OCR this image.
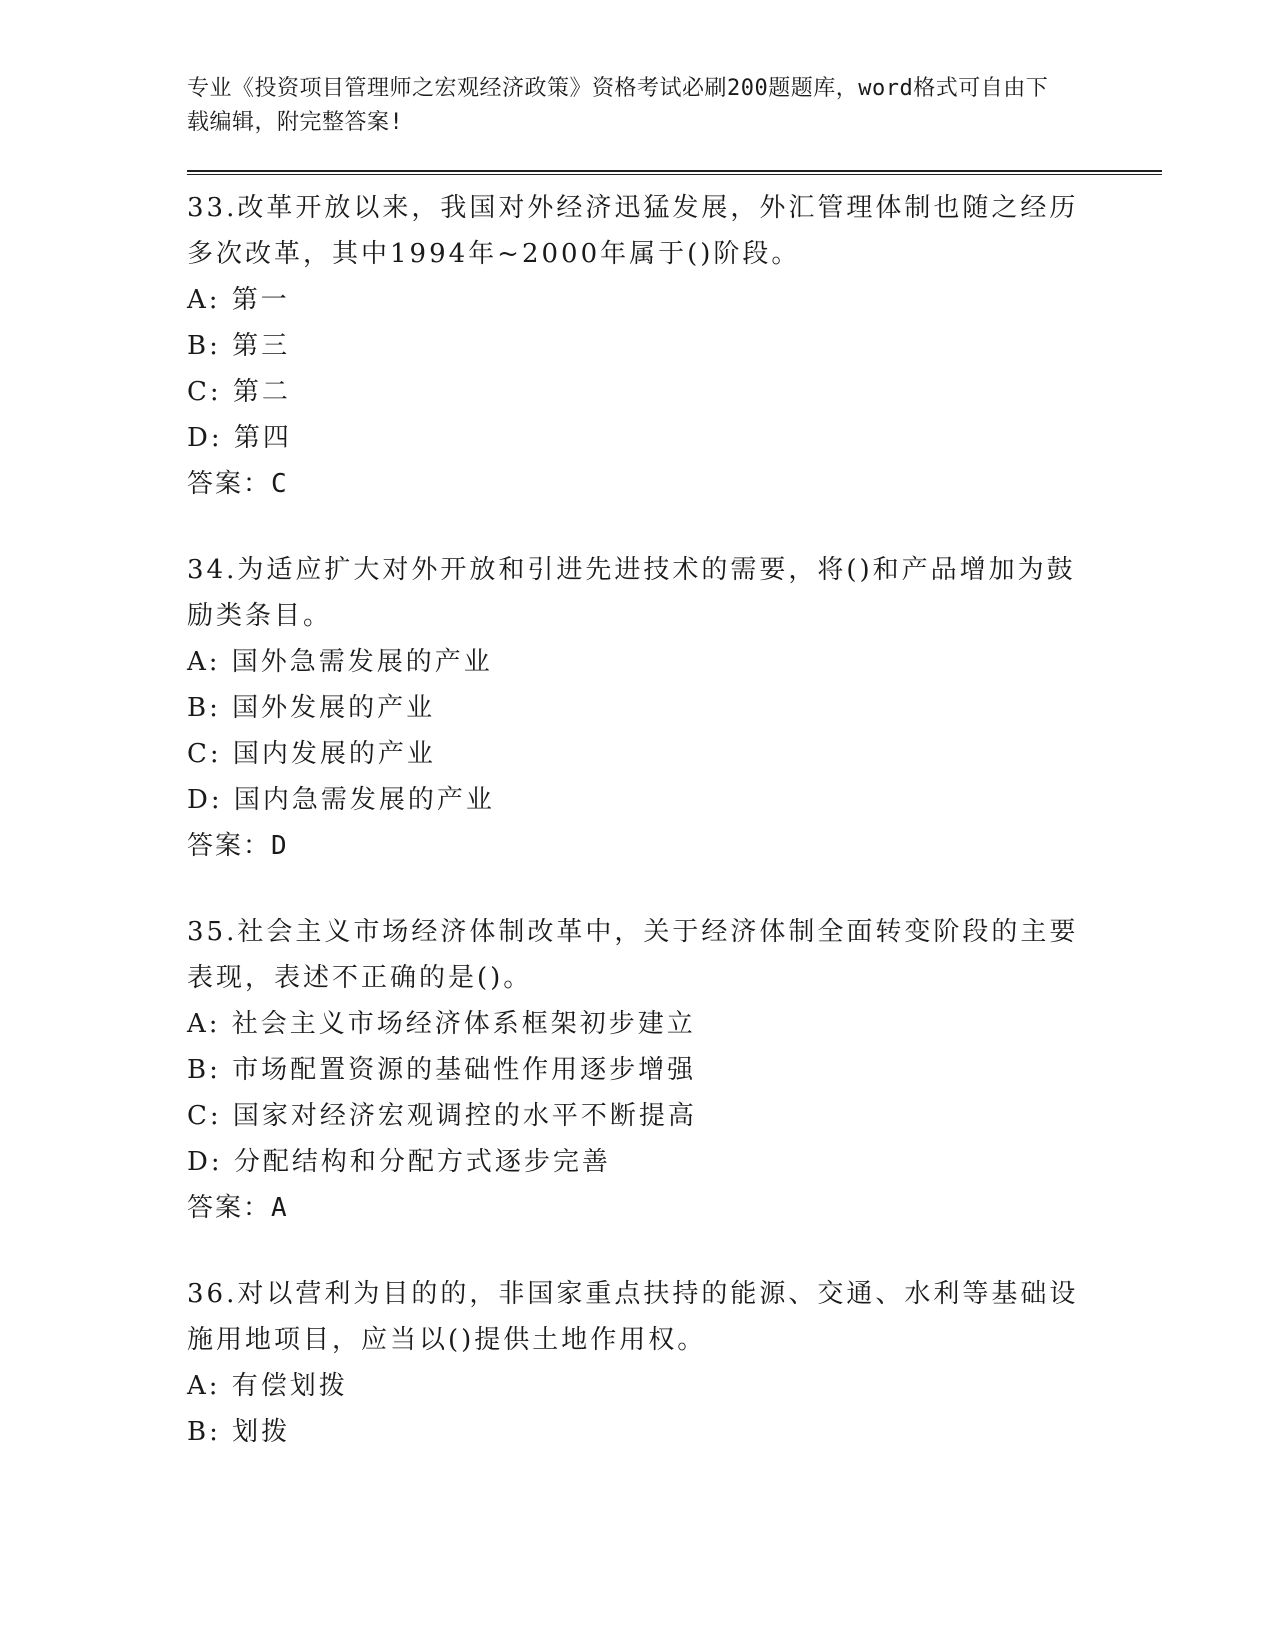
专业《投资项目管理师之宏观经济政策》资格考试必刷200题题库，word格式可自由下载编辑，附完整答案!
33.改革开放以来，我国对外经济迅猛发展，外汇管理体制也随之经历多次改革，其中1994年~2000年属于()阶段。
A: 第一
B: 第三
C: 第二
D: 第四
答案：C
34.为适应扩大对外开放和引进先进技术的需要，将()和产品增加为鼓励类条目。
A: 国外急需发展的产业
B: 国外发展的产业
C: 国内发展的产业
D: 国内急需发展的产业
答案：D
35.社会主义市场经济体制改革中，关于经济体制全面转变阶段的主要表现，表述不正确的是()。
A: 社会主义市场经济体系框架初步建立
B: 市场配置资源的基础性作用逐步增强
C: 国家对经济宏观调控的水平不断提高
D: 分配结构和分配方式逐步完善
答案：A
36.对以营利为目的的，非国家重点扶持的能源、交通、水利等基础设施用地项目，应当以()提供土地作用权。
A: 有偿划拨
B: 划拨
